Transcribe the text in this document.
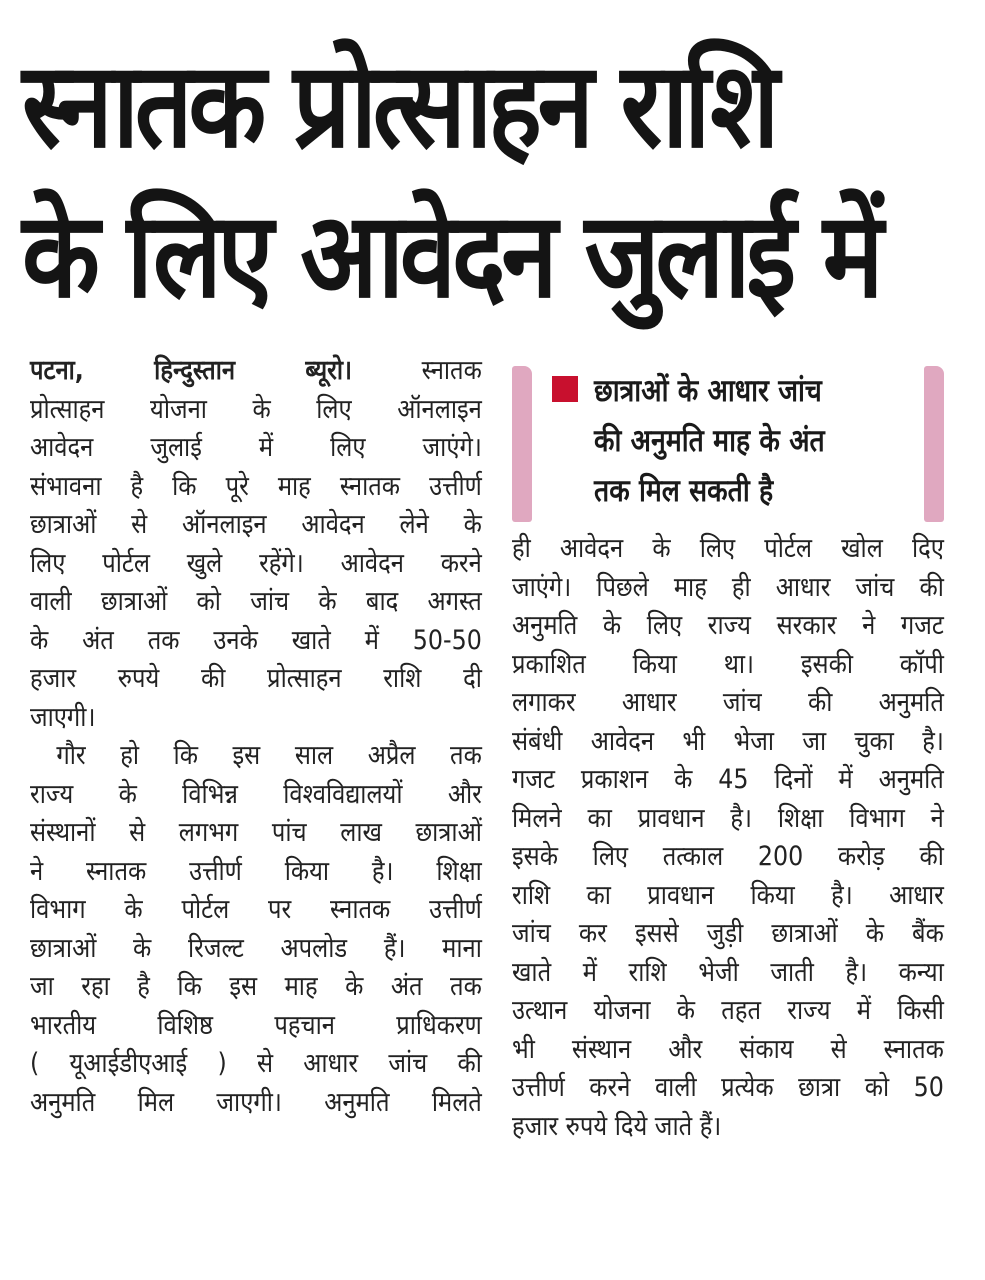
स्नातक प्रोत्साहन राशि
के लिए आवेदन जुलाई में
पटना, हिन्दुस्तान ब्यूरो।	स्नातक
प्रोत्साहन योजना के लिए ऑनलाइन
आवेदन जुलाई में लिए जाएंगे।
संभावना है कि पूरे माह स्नातक उत्तीर्ण
छात्राओं से ऑनलाइन आवेदन लेने के
लिए पोर्टल खुले रहेंगे। आवेदन करने
वाली छात्राओं को जांच के बाद अगस्त
के अंत तक उनके खाते में 50-50
हजार रुपये की प्रोत्साहन राशि दी
जाएगी।
गौर हो कि इस साल अप्रैल तक
राज्य के विभिन्न विश्वविद्यालयों और
संस्थानों से लगभग पांच लाख छात्राओं
ने स्नातक उत्तीर्ण किया है। शिक्षा
विभाग के पोर्टल पर स्नातक उत्तीर्ण
छात्राओं के रिजल्ट अपलोड हैं। माना
जा रहा है कि इस माह के अंत तक
भारतीय विशिष्ठ पहचान प्राधिकरण
( यूआईडीएआई ) से आधार जांच की
अनुमति मिल जाएगी। अनुमति मिलते
छात्राओं के आधार जांच
की अनुमति माह के अंत
तक मिल सकती है
ही आवेदन के लिए पोर्टल खोल दिए
जाएंगे। पिछले माह ही आधार जांच की
अनुमति के लिए राज्य सरकार ने गजट
प्रकाशित किया था। इसकी कॉपी
लगाकर आधार जांच की अनुमति
संबंधी आवेदन भी भेजा जा चुका है।
गजट प्रकाशन के 45 दिनों में अनुमति
मिलने का प्रावधान है। शिक्षा विभाग ने
इसके लिए तत्काल 200 करोड़ की
राशि का प्रावधान किया है। आधार
जांच कर इससे जुड़ी छात्राओं के बैंक
खाते में राशि भेजी जाती है। कन्या
उत्थान योजना के तहत राज्य में किसी
भी संस्थान और संकाय से स्नातक
उत्तीर्ण करने वाली प्रत्येक छात्रा को 50
हजार रुपये दिये जाते हैं।
